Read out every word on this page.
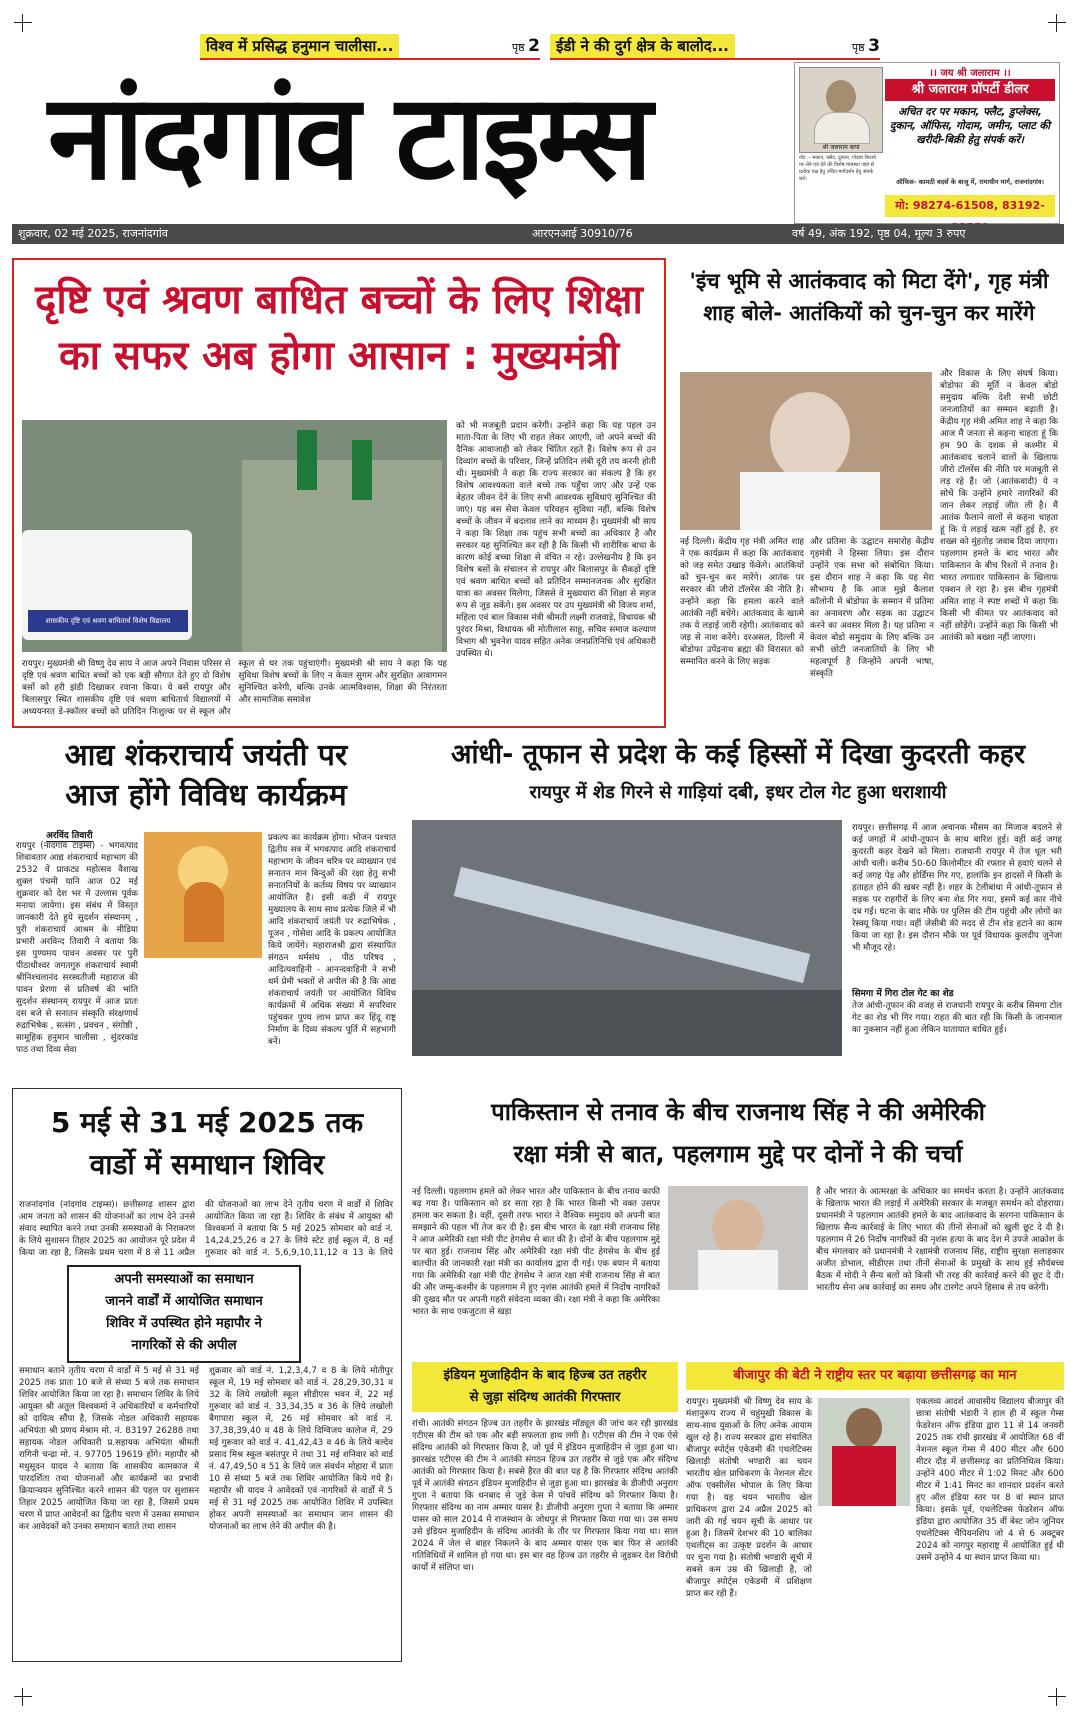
विश्व में प्रसिद्ध हनुमान चालीसा...	पृष्ठ 2	ईडी ने की दुर्ग क्षेत्र के बालोद...	पृष्ठ 3
नांदगांव टाइम्स	श्री जलाराम बापा
नोट :- मकान, फ्लैट, दुकान, गोदाम किराये पर लेने एवं देने की विशेष व्यवस्था जहां से प्रत्येक पक्ष हेतु उचित मार्गदर्शन हेतु संपर्क करें।
।। जय श्री जलाराम ।।
श्री जलाराम प्रॉपर्टी डीलर
अचित दर पर मकान, फ्लैट, डुप्लेक्स, दुकान, ऑफिस, गोदाम, जमीन, प्लाट की खरीदी-बिक्री हेतु संपर्क करें।
ऑफिस- कामठी बदर्स के बाजू में, रामाधीन मार्ग, राजनांदगांव।
मो: 98274-61508, 83192-
शुक्रवार, 02 मई 2025, राजनांदगांव	आरएनआई 30910/76	वर्ष 49, अंक 192, पृष्ठ 04, मूल्य 3 रुपए
दृष्टि एवं श्रवण बाधित बच्चों के लिए शिक्षा
का सफर अब होगा आसान : मुख्यमंत्री
शासकीय दृष्टि एवं श्रवण बाधितार्थ विशेष विद्यालय
रायपुर। मुख्यमंत्री श्री विष्णु देव साय ने आज अपने निवास परिसर से दृष्टि एवं श्रवण बाधित बच्चों को एक बड़ी सौगात देते हुए दो विशेष बसों को हरी झंडी दिखाकर रवाना किया। ये बसें रायपुर और बिलासपुर स्थित शासकीय दृष्टि एवं श्रवण बाधितार्थ विद्यालयों में अध्ययनरत डे-स्कॉलर बच्चों को प्रतिदिन निःशुल्क पर से स्कूल और स्कूल से घर तक पहुंचाएंगी। मुख्यमंत्री श्री साय ने कहा कि यह सुविधा विशेष बच्चों के लिए न केवल सुगम और सुरक्षित आवागमन सुनिश्चित करेगी, बल्कि उनके आत्मविश्वास, शिक्षा की निरंतरता और सामाजिक समावेश
को भी मजबूती प्रदान करेगी। उन्होंने कहा कि यह पहल उन माता-पिता के लिए भी राहत लेकर आएगी, जो अपने बच्चों की दैनिक आवाजाही को लेकर चिंतित रहते हैं। विशेष रूप से उन दिव्यांग बच्चों के परिवार, जिन्हें प्रतिदिन लंबी दूरी तय करनी होती थी। मुख्यमंत्री ने कहा कि राज्य सरकार का संकल्प है कि हर विशेष आवश्यकता वाले बच्चे तक पहुँचा जाए और उन्हें एक बेहतर जीवन देने के लिए सभी आवश्यक सुविधाएं सुनिश्चित की जाएं। यह बस सेवा केवल परिवहन सुविधा नहीं, बल्कि विशेष बच्चों के जीवन में बदलाव लाने का माध्यम है। मुख्यमंत्री श्री साय ने कहा कि शिक्षा तक पहुंच सभी बच्चों का अधिकार है और सरकार यह सुनिश्चित कर रही है कि किसी भी शारीरिक बाधा के कारण कोई बच्चा शिक्षा से वंचित न रहे। उल्लेखनीय है कि इन विशेष बसों के संचालन से रायपुर और बिलासपुर के सैकड़ों दृष्टि एवं श्रवण बाधित बच्चों को प्रतिदिन सम्मानजनक और सुरक्षित यात्रा का अवसर मिलेगा, जिससे वे मुख्यधारा की शिक्षा से सहज रूप से जुड़ सकेंगे। इस अवसर पर उप मुख्यमंत्री श्री विजय शर्मा, महिला एवं बाल विकास मंत्री श्रीमती लक्ष्मी राजवाड़े, विधायक श्री पुरंदर मिश्रा, विधायक श्री मोतीलाल साहू, सचिव समाज कल्याण विभाग श्री भुवनेश यादव सहित अनेक जनप्रतिनिधि एवं अधिकारी उपस्थित थे।
'इंच भूमि से आतंकवाद को मिटा देंगे', गृह मंत्री
शाह बोले- आतंकियों को चुन-चुन कर मारेंगे
और विकास के लिए संघर्ष किया। बोडोफा की मूर्ति न केवल बोडो समुदाय बल्कि देशी सभी छोटी जनजातियों का सम्मान बढ़ाती है। केंद्रीय गृह मंत्री अमित शाह ने कहा कि आज मैं जनता से कहना चाहता हूं कि हम 90 के दशक से कश्मीर में आतंकवाद चलाने वालों के खिलाफ जीरो टॉलरेंस की नीति पर मजबूती से लड़ रहे हैं। जो (आतंकवादी) ये न सोचें कि उन्होंने हमारे नागरिकों की जान लेकर लड़ाई जीत ली है। मैं आतंक फैलाने वालों से कहना चाहता हूं कि ये लड़ाई खत्म नहीं हुई है, हर शख्स को मुंहतोड़ जवाब दिया जाएगा। पहलगाम हमले के बाद भारत और पाकिस्तान के बीच रिश्तों में तनाव है। भारत लगातार पाकिस्तान के खिलाफ एक्शन ले रहा है। इस बीच गृहमंत्री अमित शाह ने स्पष्ट शब्दों में कहा कि किसी भी कीमत पर आतंकवाद को नहीं छोड़ेंगे। उन्होंने कहा कि किसी भी आतंकी को बख्शा नहीं जाएगा।
नई दिल्ली। केंद्रीय गृह मंत्री अमित शाह ने एक कार्यक्रम में कहा कि आतंकवाद को जड़ समेत उखाड़ फेंकेंगे। आतंकियों को चुन-चुन कर मारेंगे। आतंक पर सरकार की जीरो टॉलरेंस की नीति है। उन्होंने कहा कि हमला करने वाले आतंकी नहीं बचेंगे। आतंकवाद के खात्मे तक ये लड़ाई जारी रहेगी। आतंकवाद को जड़ से नाश करेंगे। दरअसल, दिल्ली में बोडोफा उपेंद्रनाथ ब्रह्मा की विरासत को सम्मानित करने के लिए सड़क
और प्रतिमा के उद्घाटन समारोह केंद्रीय गृहमंत्री ने हिस्सा लिया। इस दौरान उन्होंने एक सभा को संबोधित किया। इस दौरान शाह ने कहा कि यह मेरा सौभाग्य है कि आज मुझे कैलाश कॉलोनी में बोडोफा के सम्मान में प्रतिमा का अनावरण और सड़क का उद्घाटन करने का अवसर मिला है। यह प्रतिमा न केवल बोडो समुदाय के लिए बल्कि उन सभी छोटी जनजातियों के लिए भी महत्वपूर्ण है जिन्होंने अपनी भाषा, संस्कृति
आद्य शंकराचार्य जयंती पर
आज होंगे विविध कार्यक्रम
अरविंद तिवारी
रायपुर (नांदगांव टाइम्स) - भगवत्पाद शिवावतार आद्य शंकराचार्य महाभाग की 2532 वें प्राकट्य महोत्सव वैशाख शुक्ल पंचमी यानि आज 02 मई शुक्रवार को देश भर में उल्लास पूर्वक मनाया जायेगा। इस संबंध में विस्तृत जानकारी देते हुये सुदर्शन संस्थानम् , पुरी शंकराचार्य आश्रम के मीडिया प्रभारी अरविन्द तिवारी ने बताया कि इस पुण्यमय पावन अवसर पर पुरी पीठाधीश्वर जगतगुरु शंकराचार्य स्वामी श्रीनिश्चलानंद सरस्वतीजी महाराज की पावन प्रेरणा से प्रतिवर्ष की भांति सुदर्शन संस्थानम् रायपुर में आज प्रातः दस बजे से सनातन संस्कृति संरक्षणार्थ रुद्राभिषेक , सत्संग , प्रवचन , संगोष्ठी , सामूहिक हनुमान चालीसा , सुंदरकांड पाठ तथा दिव्य सेवा
प्रकल्प का कार्यक्रम होगा। भोजन पश्चात द्वितीय सत्र में भगवत्पाद आदि शंकराचार्य महाभाग के जीवन चरित्र पर व्याख्यान एवं सनातन मान बिन्दुओं की रक्षा हेतु सभी सनातनियों के कर्तव्य विषय पर व्याख्यान आयोजित है। इसी कड़ी में रायपुर मुख्यालय के साथ साथ प्रत्येक जिले में भी आदि शंकराचार्य जयंती पर रुद्राभिषेक , पूजन , गोसेवा आदि के प्रकल्प आयोजित किये जायेंगे। महाराजश्री द्वारा संस्थापित संगठन धर्मसंघ , पीठ परिषद , आदित्यवाहिनी - आनन्दवाहिनी ने सभी धर्म प्रेमी भक्तों से अपील की है कि आद्य शंकराचार्य जयंती पर आयोजित विविध कार्यक्रमों में अधिक संख्या में सपरिवार पहुंचकर पुण्य लाभ प्राप्त कर हिंदू राष्ट्र निर्माण के दिव्य संकल्प पूर्ति में सहभागी बनें।
आंधी- तूफान से प्रदेश के कई हिस्सों में दिखा कुदरती कहर
रायपुर में शेड गिरने से गाड़ियां दबी, इधर टोल गेट हुआ धराशायी
रायपुर। छत्तीसगढ़ में आज अचानक मौसम का मिजाज बदलने से कई जगहों में आंधी-तूफान के साथ बारिश हुई। वहीं कई जगह कुदरती कहर देखने को मिला। राजधानी रायपुर में तेज धूल भरी आंधी चली। करीब 50-60 किलोमीटर की रफ्तार से हवाएं चलने से कई जगह पेड़ और होर्डिंग्स गिर गए, हालांकि इन हादसों में किसी के हताहत होने की खबर नहीं है। शहर के टेलीबांधा में आंधी-तूफान से सड़क पर राहगीरों के लिए बना शेड गिर गया, इसमें कई कार नीचे दब गईं। घटना के बाद मौके पर पुलिस की टीम पहुंची और लोगों का रेस्क्यू किया गया। वहीं जेसीबी की मदद से टीन शेड हटाने का काम किया जा रहा है। इस दौरान मौके पर पूर्व विधायक कुलदीप जुनेजा भी मौजूद रहे।
सिमगा में गिरा टोल गेट का शेड
तेज आंधी-तूफान की वजह से राजधानी रायपुर के करीब सिमगा टोल गेट का शेड भी गिर गया। राहत की बात रही कि किसी के जानमाल का नुकसान नहीं हुआ लेकिन यातायात बाधित हुई।
5 मई से 31 मई 2025 तक
वार्डो में समाधान शिविर
राजनांदगांव (नांदगांव टाइम्स)। छत्तीसगढ़ शासन द्वारा आम जनता को शासन की योजनाओं का लाभ देने उनसे संवाद स्थापित करने तथा उनकी समस्याओं के निराकरण के लिये सुशासन तिहार 2025 का आयोजन पूरे प्रदेश में किया जा रहा है, जिसके प्रथम चरण में 8 से 11 अप्रैल
की योजनाओं का लाभ देने तृतीय चरण में वार्डों में शिविर आयोजित किया जा रहा है। शिविर के संबंध में आयुक्त श्री विश्वकर्मा ने बताया कि 5 मई 2025 सोमवार को वार्ड नं. 14,24,25,26 व 27 के लिये स्टेट हाई स्कूल में, 8 मई गुरूवार को वार्ड नं. 5,6,9,10,11,12 व 13 के लिये
अपनी समस्याओं का समाधान
जानने वार्डों में आयोजित समाधान
शिविर में उपस्थित होने महापौर ने
नागरिकों से की अपील
समाधान बताने तृतीय चरण में वार्डों में 5 मई से 31 मई 2025 तक प्रातः 10 बजे से संध्या 5 बजे तक समाधान शिविर आयोजित किया जा रहा है। समाधान शिविर के लिये आयुक्त श्री अतुल विश्वकर्मा ने अधिकारियों व कर्मचारियों को दायित्व सौंपा है, जिसके नोडल अधिकारी सहायक अभियंता श्री प्रणय मेश्राम मो. नं. 83197 26288 तथा सहायक नोडल अधिकारी प्र.सहायक अभियंता श्रीमती रागिनी चन्द्रा मो. नं. 97705 19619 होंगे। महापौर श्री मधुसूदन यादव ने बताया कि शासकीय कामकाज में पारदर्शिता तथा योजनाओं और कार्यक्रमों का प्रभावी क्रियान्वयन सुनिश्चित करने शासन की पहल पर सुशासन तिहार 2025 आयोजित किया जा रहा है, जिसमें प्रथम चरण में प्राप्त आवेदनों का द्वितीय चरण में उसका समाधान कर आवेदकों को उनका समाधान बताते तथा शासन
शुक्रवार को वार्ड नं. 1,2,3,4,7 व 8 के लिये मोतीपुर स्कूल में, 19 मई सोमवार को वार्ड नं. 28,29,30,31 व 32 के लिये लखोली स्कूल सीडीएस भवन में, 22 मई गुरूवार को वार्ड नं. 33,34,35 व 36 के लिये लखोली बैगापारा स्कूल में, 26 मई सोमवार को वार्ड नं. 37,38,39,40 व 48 के लिये दिग्विजय कालेज में, 29 मई गुरूवार को वार्ड नं. 41,42,43 व 46 के लिये बल्देव प्रसाद मिश्र स्कूल बसंतपुर में तथा 31 मई शनिवार को वार्ड नं. 47,49,50 व 51 के लिये जल संवर्धन मोहारा में प्रातः 10 से संध्या 5 बजे तक शिविर आयोजित किये गये है। महापौर श्री यादव ने आवेदकों एवं नागरिकों से वार्डों में 5 मई से 31 मई 2025 तक आयोजित शिविर में उपस्थित होकर अपनी समस्याओं का समाधान जान शासन की योजनाओं का लाभ लेने की अपील की है।
पाकिस्तान से तनाव के बीच राजनाथ सिंह ने की अमेरिकी
रक्षा मंत्री से बात, पहलगाम मुद्दे पर दोनों ने की चर्चा
नई दिल्ली। पहलगाम हमले को लेकर भारत और पाकिस्तान के बीच तनाव काफी बढ़ गया है। पाकिस्तान को डर सता रहा है कि भारत किसी भी वक्त उसपर हमला कर सकता है। वहीं, दूसरी तरफ भारत ने वैश्विक समुदाय को अपनी बात समझाने की पहल भी तेज कर दी है। इस बीच भारत के रक्षा मंत्री राजनाथ सिंह ने आज अमेरिकी रक्षा मंत्री पीट हेगसेथ से बात की है। दोनों के बीच पहलगाम मुद्दे पर बात हुई। राजनाथ सिंह और अमेरिकी रक्षा मंत्री पीट हेगसेथ के बीच हुई बातचीत की जानकारी रक्षा मंत्री का कार्यालय द्वारा दी गई। एक बयान में बताया गया कि अमेरिकी रक्षा मंत्री पीट हेगसेथ ने आज रक्षा मंत्री राजनाथ सिंह से बात की और जम्मू-कश्मीर के पहलगाम में हुए नृशंस आतंकी हमले में निर्दोष नागरिकों की दुखद मौत पर अपनी गहरी संवेदना व्यक्त की। रक्षा मंत्री ने कहा कि अमेरिका भारत के साथ एकजुटता से खड़ा
है और भारत के आत्मरक्षा के अधिकार का समर्थन करता है। उन्होंने आतंकवाद के खिलाफ भारत की लड़ाई में अमेरिकी सरकार के मजबूत समर्थन को दोहराया। प्रधानमंत्री ने पहलगाम आतंकी हमले के बाद आतंकवाद के सरगना पाकिस्तान के खिलाफ सैन्य कार्रवाई के लिए भारत की तीनों सेनाओं को खुली छूट दे दी है। पहलगाम में 26 निर्दोष नागरिकों की नृशंस हत्या के बाद देश में उपजे आक्रोश के बीच मंगलवार को प्रधानमंत्री ने रक्षामंत्री राजनाथ सिंह, राष्ट्रीय सुरक्षा सलाहकार अजीत डोभाल, सीडीएस तथा तीनों सेनाओं के प्रमुखों के साथ हुई सौर्यबच्च बैठक में मोदी ने सैन्य बलों को किसी भी तरह की कार्रवाई करने की छूट दे दी। भारतीय सेना अब कार्रवाई का समय और टारगेट अपने हिसाब से तय करेगी।
इंडियन मुजाहिदीन के बाद हिज्ब उत तहरीर
से जुड़ा संदिग्ध आतंकी गिरफ्तार
रांची। आतंकी संगठन हिज्ब उत तहरीर के झारखंड मॉड्यूल की जांच कर रही झारखंड एटीएस की टीम को एक और बड़ी सफलता हाथ लगी है। एटीएस की टीम ने एक ऐसे संदिग्ध आतंकी को गिरफ्तार किया है, जो पूर्व में इंडियन मुजाहिदीन से जुड़ा हुआ था। झारखंड एटीएस की टीम ने आतंकी संगठन हिज्ब उत तहरीर से जुड़े एक और संदिग्ध आतंकी को गिरफ्तार किया है। सबसे हैरत की बात यह है कि गिरफ्तार संदिग्ध आतंकी पूर्व में आतंकी संगठन इंडियन मुजाहिदीन से जुड़ा हुआ था। झारखंड के डीजीपी अनुराग गुप्ता ने बताया कि धनबाद से जुड़े केस में पांचवें संदिग्ध को गिरफ्तार किया है। गिरफ्तार संदिग्ध का नाम अम्मार यासर है। डीजीपी अनुराग गुप्ता ने बताया कि अम्मार यासर को साल 2014 में राजस्थान के जोधपुर से गिरफ्तार किया गया था। उस समय उसे इंडियन मुजाहिदीन के संदिग्ध आतंकी के तौर पर गिरफ्तार किया गया था। साल 2024 में जेल से बाहर निकलने के बाद अम्मार यासर एक बार फिर से आतंकी गतिविधियों में शामिल हो गया था। इस बार वह हिज्ब उत तहरीर से जुड़कर देश विरोधी कार्यों में संलिप्त था।
बीजापुर की बेटी ने राष्ट्रीय स्तर पर बढ़ाया छत्तीसगढ़ का मान
रायपुर। मुख्यमंत्री श्री विष्णु देव साय के मंशानुरूप राज्य में चहुंमुखी विकास के साथ-साथ युवाओं के लिए अनेक आयाम खुल रहे हैं। राज्य सरकार द्वारा संचालित बीजापुर स्पोर्ट्स एकेडमी की एथलेटिक्स खिलाड़ी संतोषी भण्डारी का चयन भारतीय खेल प्राधिकरण के नेशनल सेंटर ऑफ एक्सीलेंस भोपाल के लिए किया गया है। यह चयन भारतीय खेल प्राधिकरण द्वारा 24 अप्रैल 2025 को जारी की गई चयन सूची के आधार पर हुआ है। जिसमें देशभर की 10 बालिका एथलीट्स का उत्कृष्ट प्रदर्शन के आधार पर चुना गया है। संतोषी भण्डारी सूची में सबसे कम उम्र की खिलाड़ी है, जो बीजापुर स्पोर्ट्स एकेडमी में प्रशिक्षण प्राप्त कर रही हैं।
एकलव्य आदर्श आवासीय विद्यालय बीजापुर की छात्रा संतोषी भंडारी ने हाल ही में स्कूल गेम्स फेडरेशन ऑफ इंडिया द्वारा 11 से 14 जनवरी 2025 तक रांची झारखंड में आयोजित 68 वीं नेशनल स्कूल गेम्स में 400 मीटर और 600 मीटर दौड़ में छत्तीसगढ़ का प्रतिनिधित्व किया। उन्होंने 400 मीटर में 1:02 मिनट और 600 मीटर में 1:41 मिनट का शानदार प्रदर्शन करते हुए ऑल इंडिया स्तर पर 8 वां स्थान प्राप्त किया। इसके पूर्व, एथलेटिक्स फेडरेशन ऑफ इंडिया द्वारा आयोजित 35 वीं बेस्ट जोन जूनियर एथलेटिक्स चैंपियनशिप जो 4 से 6 अक्टूबर 2024 को नागपुर महाराष्ट्र में आयोजित हुई थी उसमें उन्होंने 4 था स्थान प्राप्त किया था।
